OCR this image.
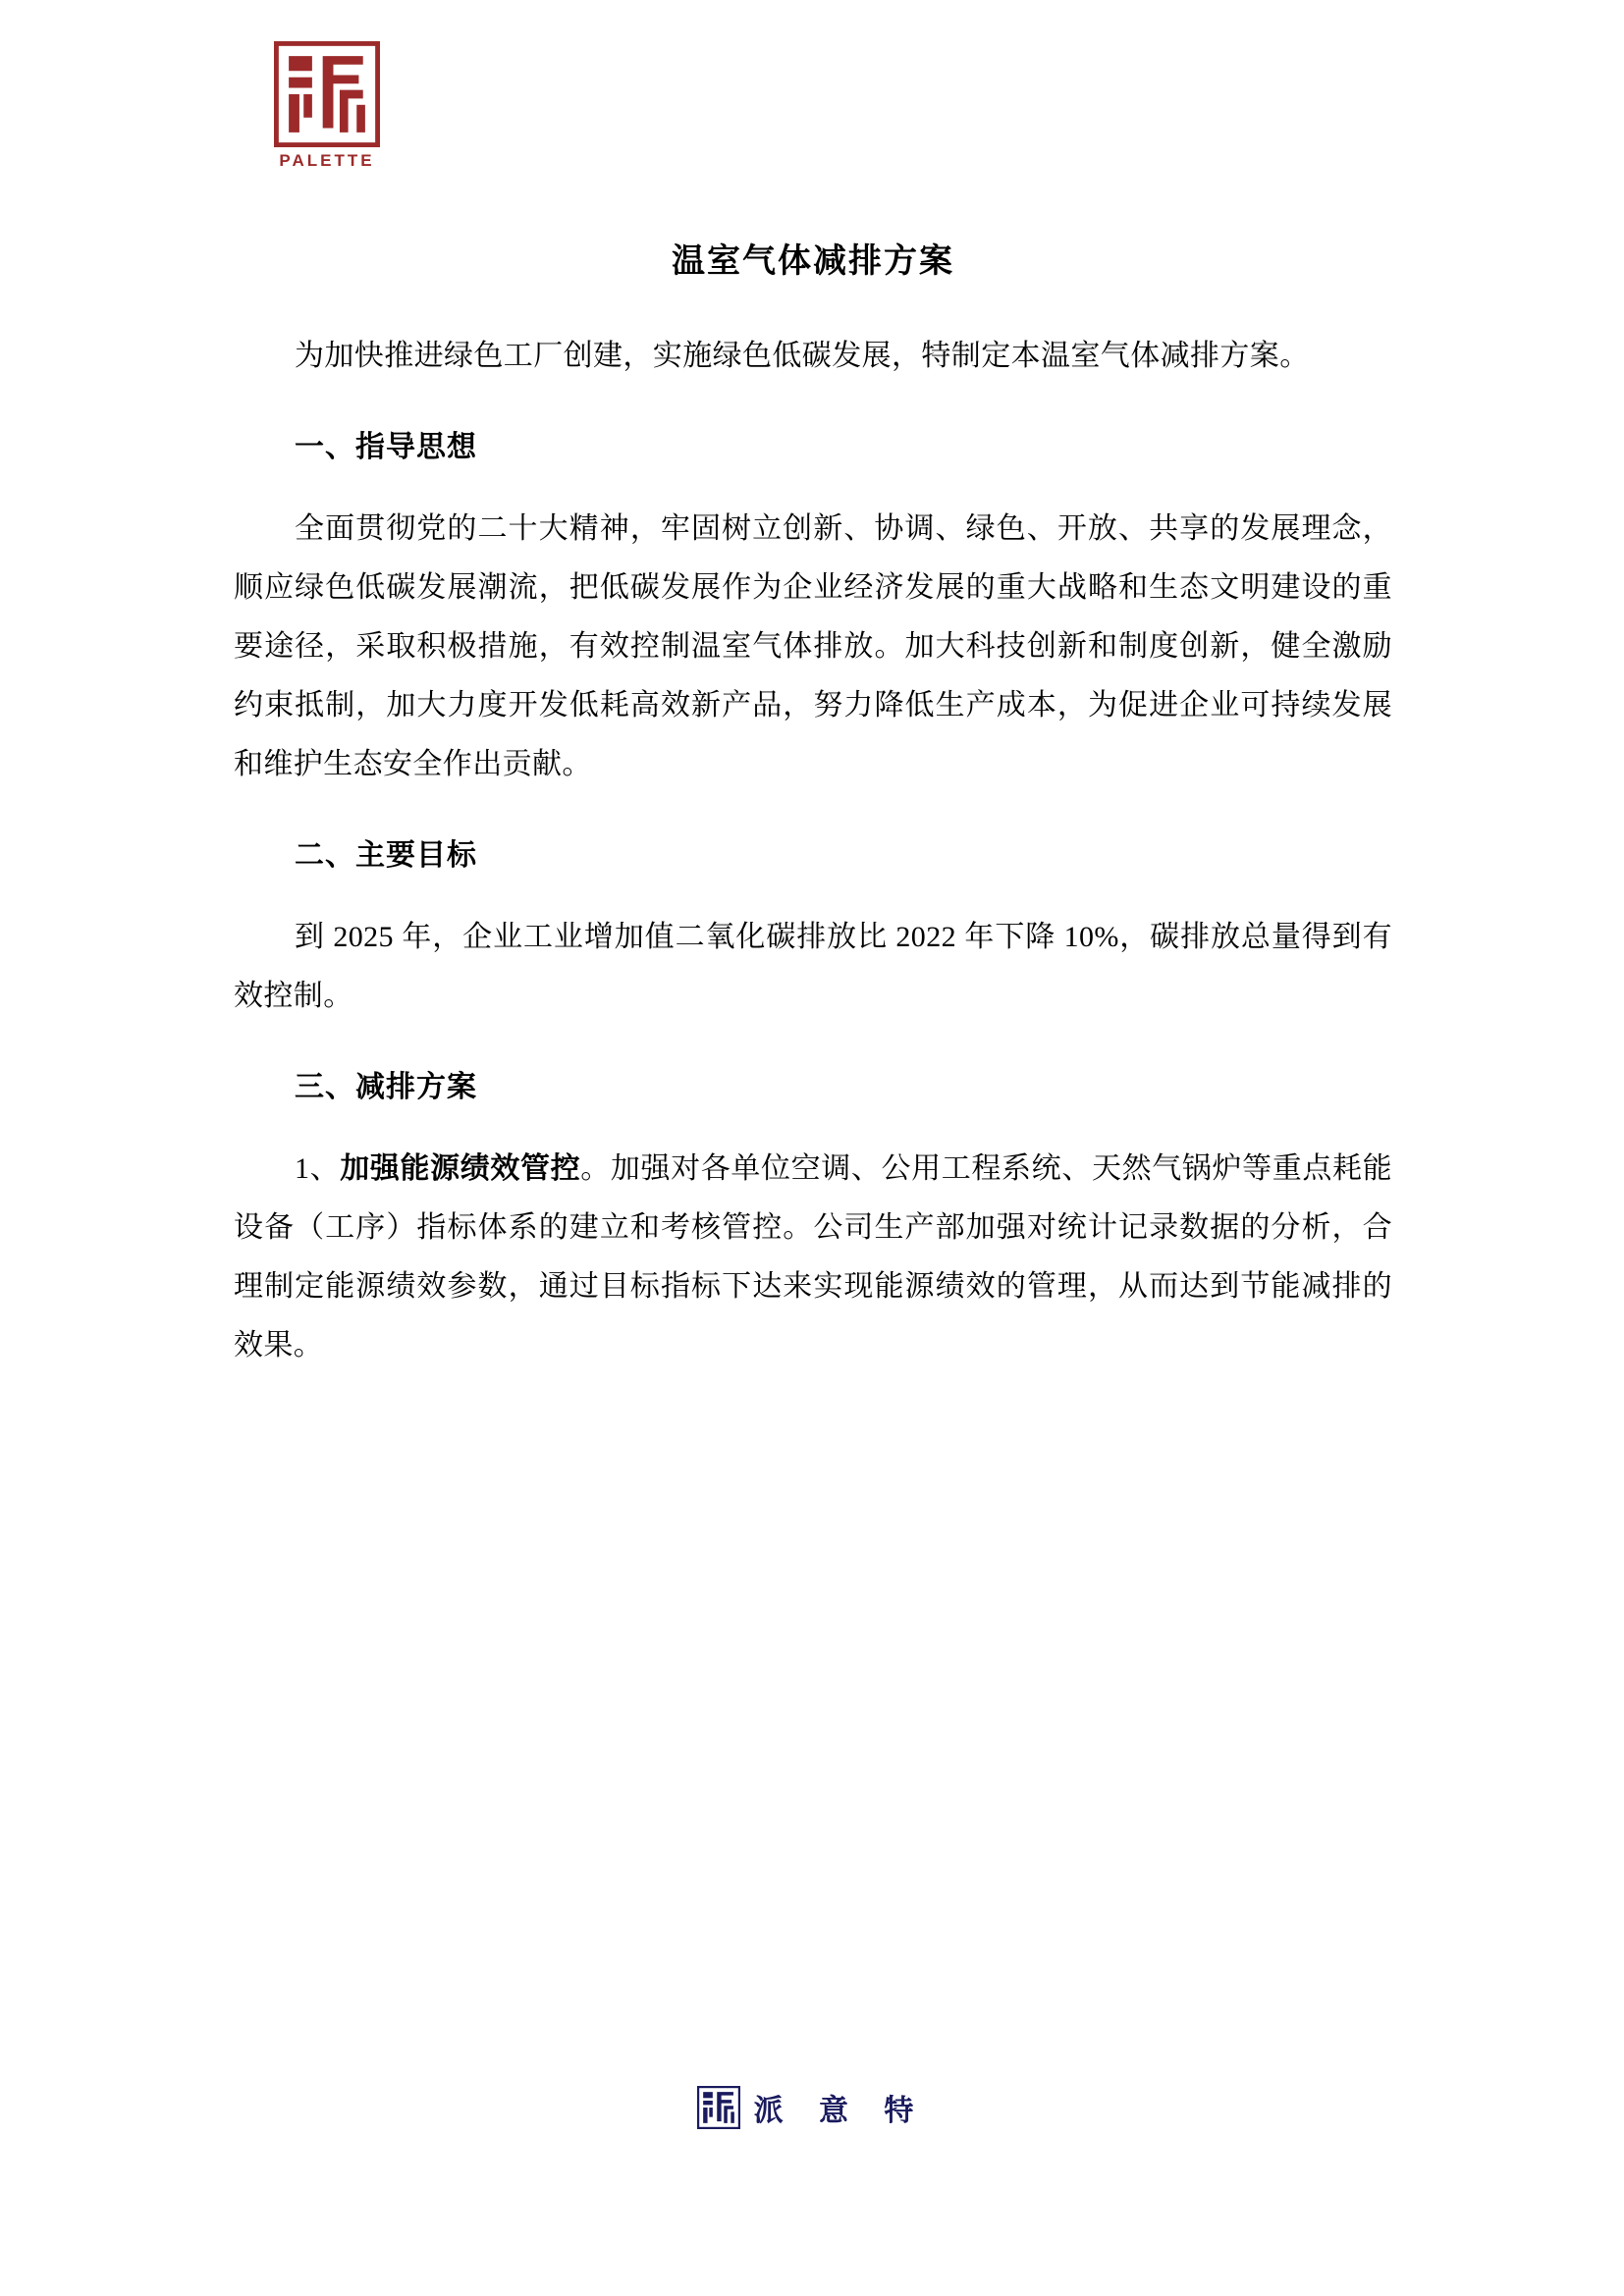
PALETTE
温室气体减排方案

为加快推进绿色工厂创建，实施绿色低碳发展，特制定本温室气体减排方案。

一、指导思想

全面贯彻党的二十大精神，牢固树立创新、协调、绿色、开放、共享的发展理念，顺应绿色低碳发展潮流，把低碳发展作为企业经济发展的重大战略和生态文明建设的重要途径，采取积极措施，有效控制温室气体排放。加大科技创新和制度创新，健全激励约束抵制，加大力度开发低耗高效新产品，努力降低生产成本，为促进企业可持续发展和维护生态安全作出贡献。

二、主要目标

到 2025 年，企业工业增加值二氧化碳排放比 2022 年下降 10%，碳排放总量得到有效控制。

三、减排方案

1、加强能源绩效管控。加强对各单位空调、公用工程系统、天然气锅炉等重点耗能设备（工序）指标体系的建立和考核管控。公司生产部加强对统计记录数据的分析，合理制定能源绩效参数，通过目标指标下达来实现能源绩效的管理，从而达到节能减排的效果。

派 意 特
